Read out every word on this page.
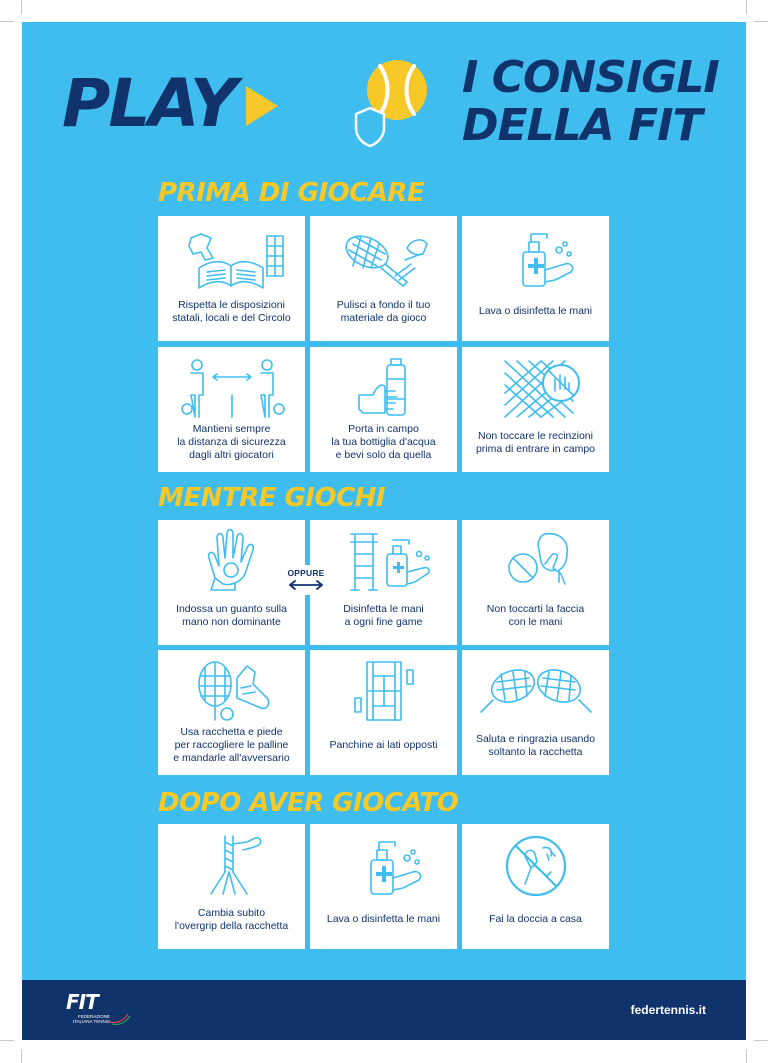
PLAY	I CONSIGLI
DELLA FIT
PRIMA DI GIOCARE
Rispetta le disposizioni
statali, locali e del Circolo
Pulisci a fondo il tuo
materiale da gioco
Lava o disinfetta le mani
Mantieni sempre
la distanza di sicurezza
dagli altri giocatori
Porta in campo
la tua bottiglia d'acqua
e bevi solo da quella
Non toccare le recinzioni
prima di entrare in campo
MENTRE GIOCHI
Indossa un guanto sulla
mano non dominante
Disinfetta le mani
a ogni fine game
Non toccarti la faccia
con le mani
OPPURE
Usa racchetta e piede
per raccogliere le palline
e mandarle all'avversario
Panchine ai lati opposti
Saluta e ringrazia usando
soltanto la racchetta
DOPO AVER GIOCATO
Cambia subito
l'overgrip della racchetta
Lava o disinfetta le mani	Fai la doccia a casa
FIT
FEDERAZIONE ITALIANA TENNIS
federtennis.it
